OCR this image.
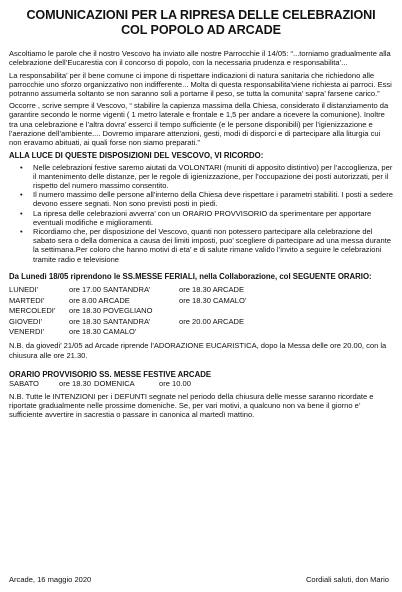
COMUNICAZIONI PER LA RIPRESA DELLE CELEBRAZIONI
COL POPOLO AD ARCADE

Ascoltiamo le parole che il nostro Vescovo ha inviato alle nostre Parrocchie il 14/05: “...torniamo gradualmente alla celebrazione dell’Eucarestia con il concorso di popolo, con la necessaria prudenza e responsabilita’...

La responsabilita’ per il bene comune ci impone di rispettare indicazioni di natura sanitaria che richiedono alle parrocchie uno sforzo organizzativo non indifferente... Molta di questa responsabilita’viene richiesta ai parroci. Essi potranno assumerla soltanto se non saranno soli a portarne il peso, se tutta la comunita’ sapra’ farsene carico.”

Occorre , scrive sempre il Vescovo, “ stabilire la capienza massima della Chiesa, considerato il distanziamento da garantire secondo le norme vigenti ( 1 metro laterale e frontale e 1,5 per andare a ricevere la comunione). Inoltre tra una celebrazione e l’altra dovra’ esserci il tempo sufficiente (e le persone disponibili) per l’igienizzazione e l’aerazione dell’ambiente.... Dovremo imparare attenzioni, gesti, modi di disporci e di partecipare alla liturgia cui non eravamo abituati, ai quali forse non siamo preparati.”

ALLA LUCE DI QUESTE DISPOSIZIONI DEL VESCOVO, VI RICORDO:
• Nelle celebrazioni festive saremo aiutati da VOLONTARI (muniti di apposito distintivo) per l’accoglienza, per il mantenimento delle distanze, per le regole di igienizzazione, per l’occupazione dei posti autorizzati, per il rispetto del numero massimo consentito.
• Il numero massimo delle persone all’interno della Chiesa deve rispettare i parametri stabiliti. I posti a sedere devono essere segnati. Non sono previsti posti in piedi.
• La ripresa delle celebrazioni avverra’ con un ORARIO PROVVISORIO da sperimentare per apportare eventuali modifiche e miglioramenti.
• Ricordiamo che, per disposizione del Vescovo, quanti non potessero partecipare alla celebrazione del sabato sera o della domenica a causa dei limiti imposti, puo’ scegliere di partecipare ad una messa durante la settimana.Per coloro che hanno motivi di eta’ e di salute rimane valido l’invito a seguire le celebrazioni tramite radio e televisione
Da Lunedì 18/05 riprendono le SS.MESSE FERIALI, nella Collaborazione, col SEGUENTE ORARIO:
LUNEDI’	ore 17.00 SANTANDRA’	ore 18.30 ARCADE
MARTEDI’	ore 8.00 ARCADE	ore 18.30 CAMALO’
MERCOLEDI’ ore 18.30 POVEGLIANO
GIOVEDI’	ore 18.30 SANTANDRA’	ore 20.00 ARCADE
VENERDI’	ore 18.30 CAMALO’

N.B. da giovedi’ 21/05 ad Arcade riprende l’ADORAZIONE EUCARISTICA, dopo la Messa delle ore 20.00, con la chiusura alle ore 21.30.

ORARIO PROVVISORIO SS. MESSE FESTIVE ARCADE
SABATO	ore 18.30 DOMENICA	ore 10.00

N.B. Tutte le INTENZIONI per i DEFUNTI segnate nel periodo della chiusura delle messe saranno ricordate e riportate gradualmente nelle prossime domeniche. Se, per vari motivi, a qualcuno non va bene il giorno e’ sufficiente avvertire in sacrestia o passare in canonica al martedì mattino.

Arcade, 16 maggio 2020	Cordiali saluti, don Mario
